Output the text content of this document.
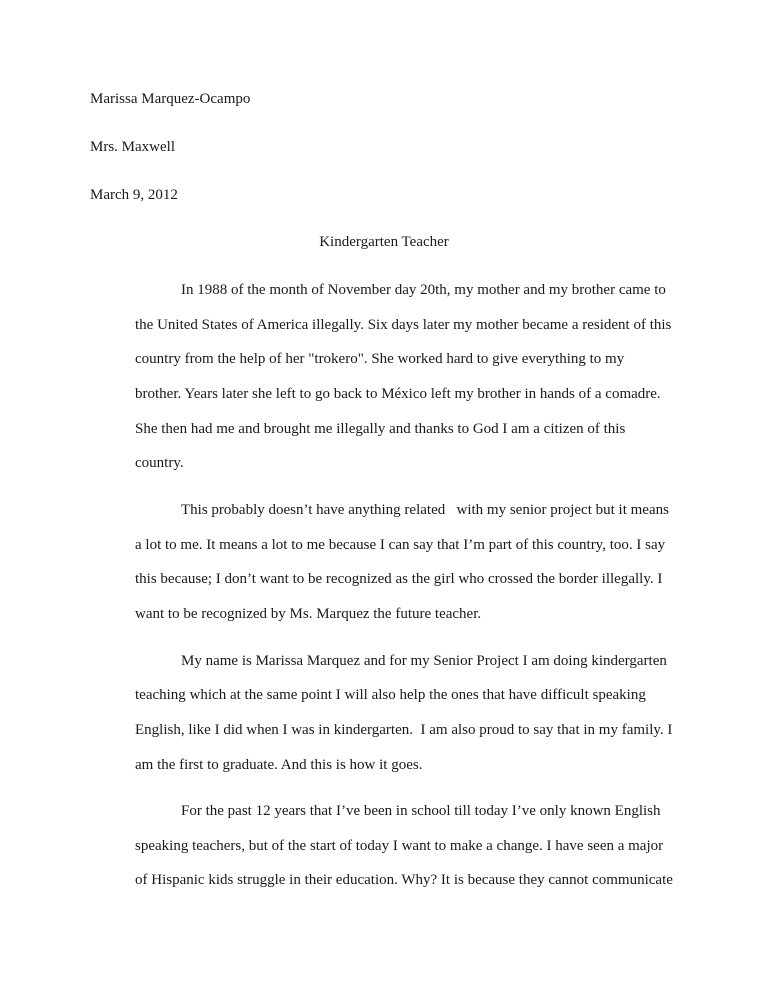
Marissa Marquez-Ocampo
Mrs. Maxwell
March 9, 2012
Kindergarten Teacher
In 1988 of the month of November day 20th, my mother and my brother came to
the United States of America illegally. Six days later my mother became a resident of this
country from the help of her "trokero". She worked hard to give everything to my
brother. Years later she left to go back to México left my brother in hands of a comadre.
She then had me and brought me illegally and thanks to God I am a citizen of this
country.
This probably doesn’t have anything related   with my senior project but it means
a lot to me. It means a lot to me because I can say that I’m part of this country, too. I say
this because; I don’t want to be recognized as the girl who crossed the border illegally. I
want to be recognized by Ms. Marquez the future teacher.
My name is Marissa Marquez and for my Senior Project I am doing kindergarten
teaching which at the same point I will also help the ones that have difficult speaking
English, like I did when I was in kindergarten.  I am also proud to say that in my family. I
am the first to graduate. And this is how it goes.
For the past 12 years that I’ve been in school till today I’ve only known English
speaking teachers, but of the start of today I want to make a change. I have seen a major
of Hispanic kids struggle in their education. Why? It is because they cannot communicate
